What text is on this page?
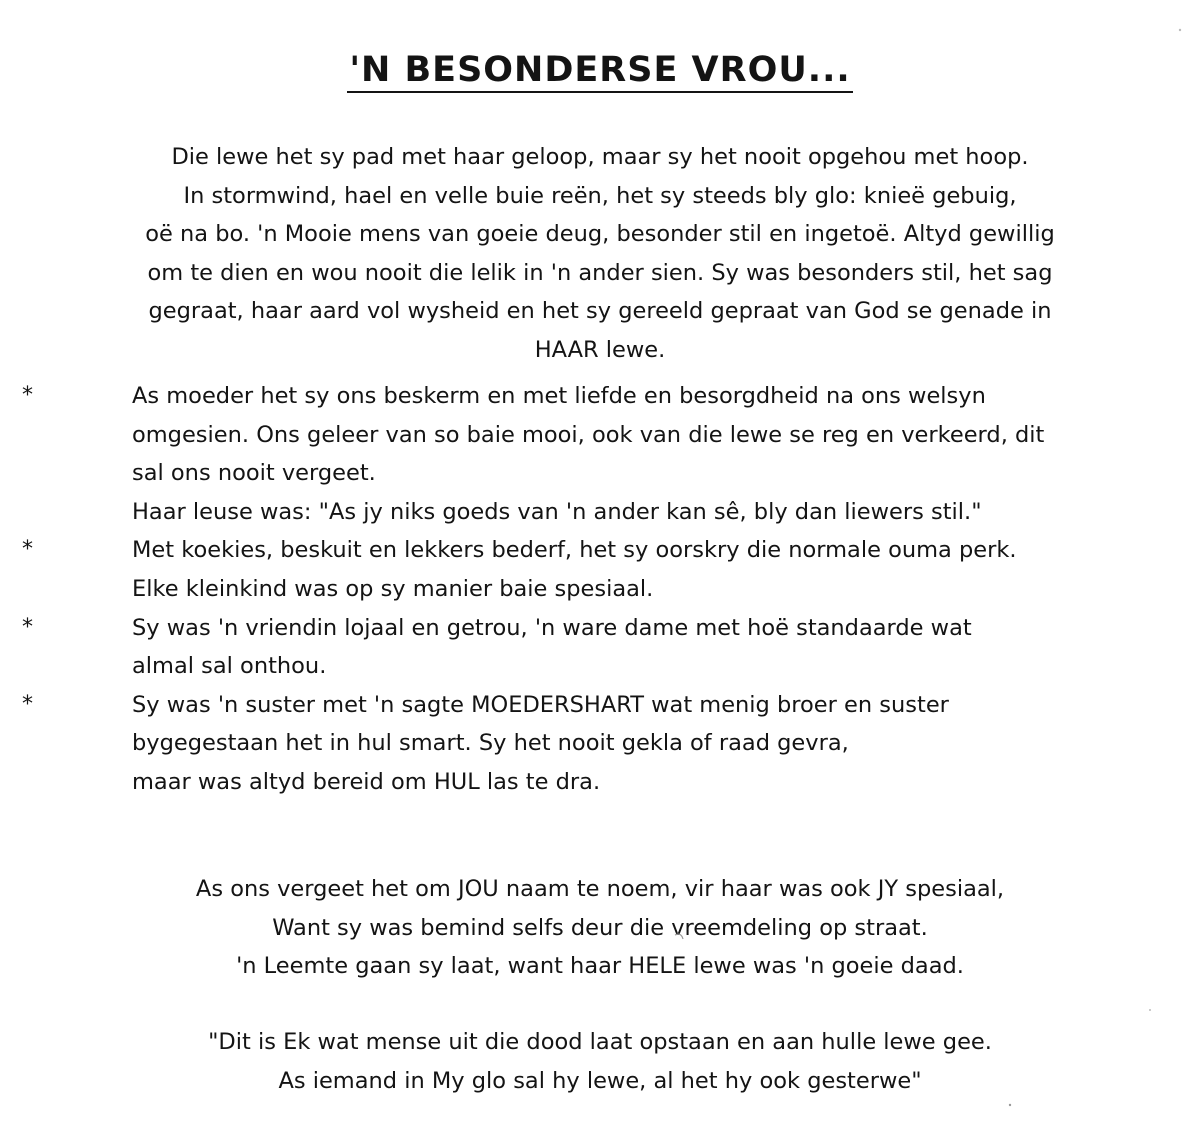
'N BESONDERSE VROU...
Die lewe het sy pad met haar geloop, maar sy het nooit opgehou met hoop.
In stormwind, hael en velle buie reën, het sy steeds bly glo: knieë gebuig,
oë na bo. 'n Mooie mens van goeie deug, besonder stil en ingetoë. Altyd gewillig
om te dien en wou nooit die lelik in 'n ander sien. Sy was besonders stil, het sag
gegraat, haar aard vol wysheid en het sy gereeld gepraat van God se genade in
HAAR lewe.
*	As moeder het sy ons beskerm en met liefde en besorgdheid na ons welsyn
omgesien. Ons geleer van so baie mooi, ook van die lewe se reg en verkeerd, dit
sal ons nooit vergeet.
Haar leuse was: "As jy niks goeds van 'n ander kan sê, bly dan liewers stil."
*	Met koekies, beskuit en lekkers bederf, het sy oorskry die normale ouma perk.
Elke kleinkind was op sy manier baie spesiaal.
*	Sy was 'n vriendin lojaal en getrou, 'n ware dame met hoë standaarde wat
almal sal onthou.
*	Sy was 'n suster met 'n sagte MOEDERSHART wat menig broer en suster
bygegestaan het in hul smart. Sy het nooit gekla of raad gevra,
maar was altyd bereid om HUL las te dra.
As ons vergeet het om JOU naam te noem, vir haar was ook JY spesiaal,
Want sy was bemind selfs deur die vreemdeling op straat.
'n Leemte gaan sy laat, want haar HELE lewe was 'n goeie daad.
"Dit is Ek wat mense uit die dood laat opstaan en aan hulle lewe gee.
As iemand in My glo sal hy lewe, al het hy ook gesterwe"
